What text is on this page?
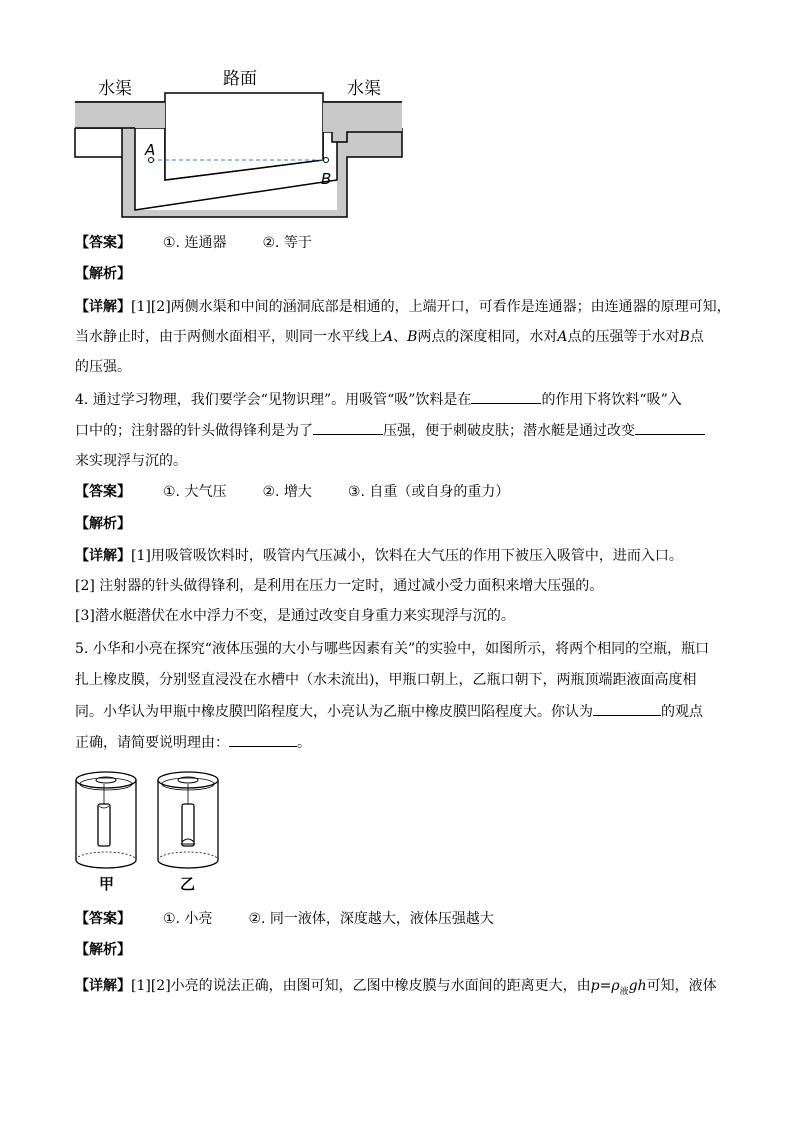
水渠	路面	水渠
A
B
【答案】 ①. 连通器	②. 等于
【解析】
【详解】[1][2]两侧水渠和中间的涵洞底部是相通的，上端开口，可看作是连通器；由连通器的原理可知，
当水静止时，由于两侧水面相平，则同一水平线上A、B两点的深度相同，水对A点的压强等于水对B点
的压强。
4. 通过学习物理，我们要学会“见物识理”。用吸管“吸”饮料是在	的作用下将饮料“吸”入
口中的；注射器的针头做得锋利是为了	压强，便于刺破皮肤；潜水艇是通过改变
来实现浮与沉的。
【答案】 ①. 大气压	②. 增大	③. 自重（或自身的重力）
【解析】
【详解】[1]用吸管吸饮料时，吸管内气压减小，饮料在大气压的作用下被压入吸管中，进而入口。
[2] 注射器的针头做得锋利，是利用在压力一定时，通过减小受力面积来增大压强的。
[3]潜水艇潜伏在水中浮力不变，是通过改变自身重力来实现浮与沉的。
5. 小华和小亮在探究“液体压强的大小与哪些因素有关”的实验中，如图所示，将两个相同的空瓶，瓶口
扎上橡皮膜，分别竖直浸没在水槽中（水未流出)，甲瓶口朝上，乙瓶口朝下，两瓶顶端距液面高度相
同。小华认为甲瓶中橡皮膜凹陷程度大，小亮认为乙瓶中橡皮膜凹陷程度大。你认为	的观点
正确，请简要说明理由：	。
甲	乙
【答案】 ①. 小亮	②. 同一液体，深度越大，液体压强越大
【解析】
【详解】[1][2]小亮的说法正确，由图可知，乙图中橡皮膜与水面间的距离更大，由$p=\rho_液gh$可知，液体
